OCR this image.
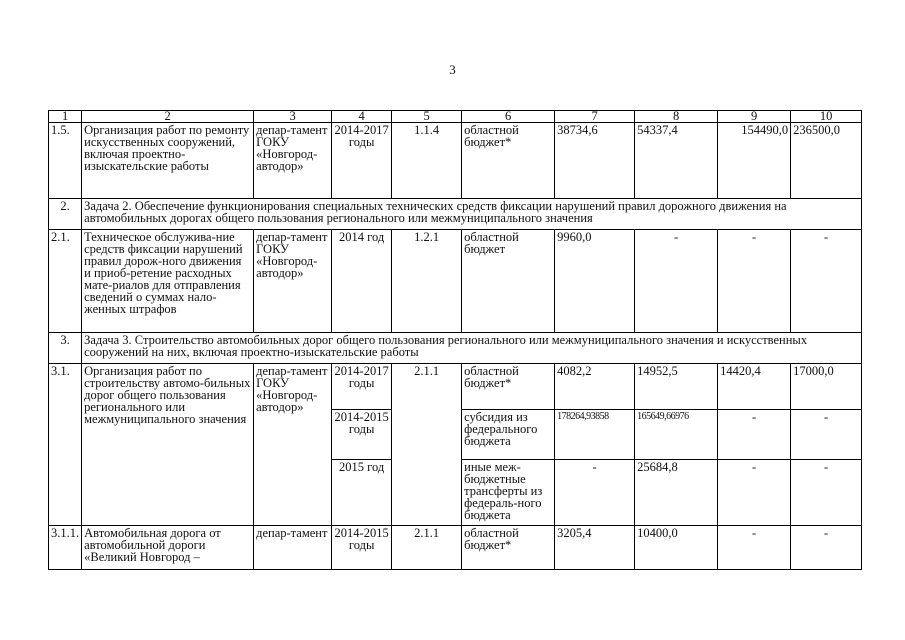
3
1	2	3	4	5	6	7	8	9	10
1.5.	Организация работ по ремонту искусственных сооружений, включая проектно-изыскательские работы	депар-тамент ГОКУ «Новгород-автодор»	2014-2017 годы	1.1.4	областной бюджет*	38734,6	54337,4	154490,0	236500,0
2.	Задача 2. Обеспечение функционирования специальных технических средств фиксации нарушений правил дорожного движения на автомобильных дорогах общего пользования регионального или межмуниципального значения								
2.1.	Техническое обслужива-ние средств фиксации нарушений правил дорож-ного движения и приоб-ретение расходных мате-риалов для отправления сведений о суммах нало-женных штрафов	депар-тамент ГОКУ «Новгород-автодор»	2014 год	1.2.1	областной бюджет	9960,0	-	-	-
3.	Задача 3. Строительство автомобильных дорог общего пользования регионального или межмуниципального значения и искусственных сооружений на них, включая проектно-изыскательские работы								
3.1.	Организация работ по строительству автомо-бильных дорог общего пользования регионального или межмуниципального значения	депар-тамент ГОКУ «Новгород-автодор»	2014-2017 годы	2.1.1	областной бюджет*	4082,2	14952,5	14420,4	17000,0
			2014-2015 годы		субсидия из федерального бюджета	178264,93858	165649,66976	-	-
			2015 год		иные меж-бюджетные трансферты из федераль-ного бюджета	-	25684,8	-	-
3.1.1.	Автомобильная дорога от автомобильной дороги «Великий Новгород –	депар-тамент	2014-2015 годы	2.1.1	областной бюджет*	3205,4	10400,0	-	-
